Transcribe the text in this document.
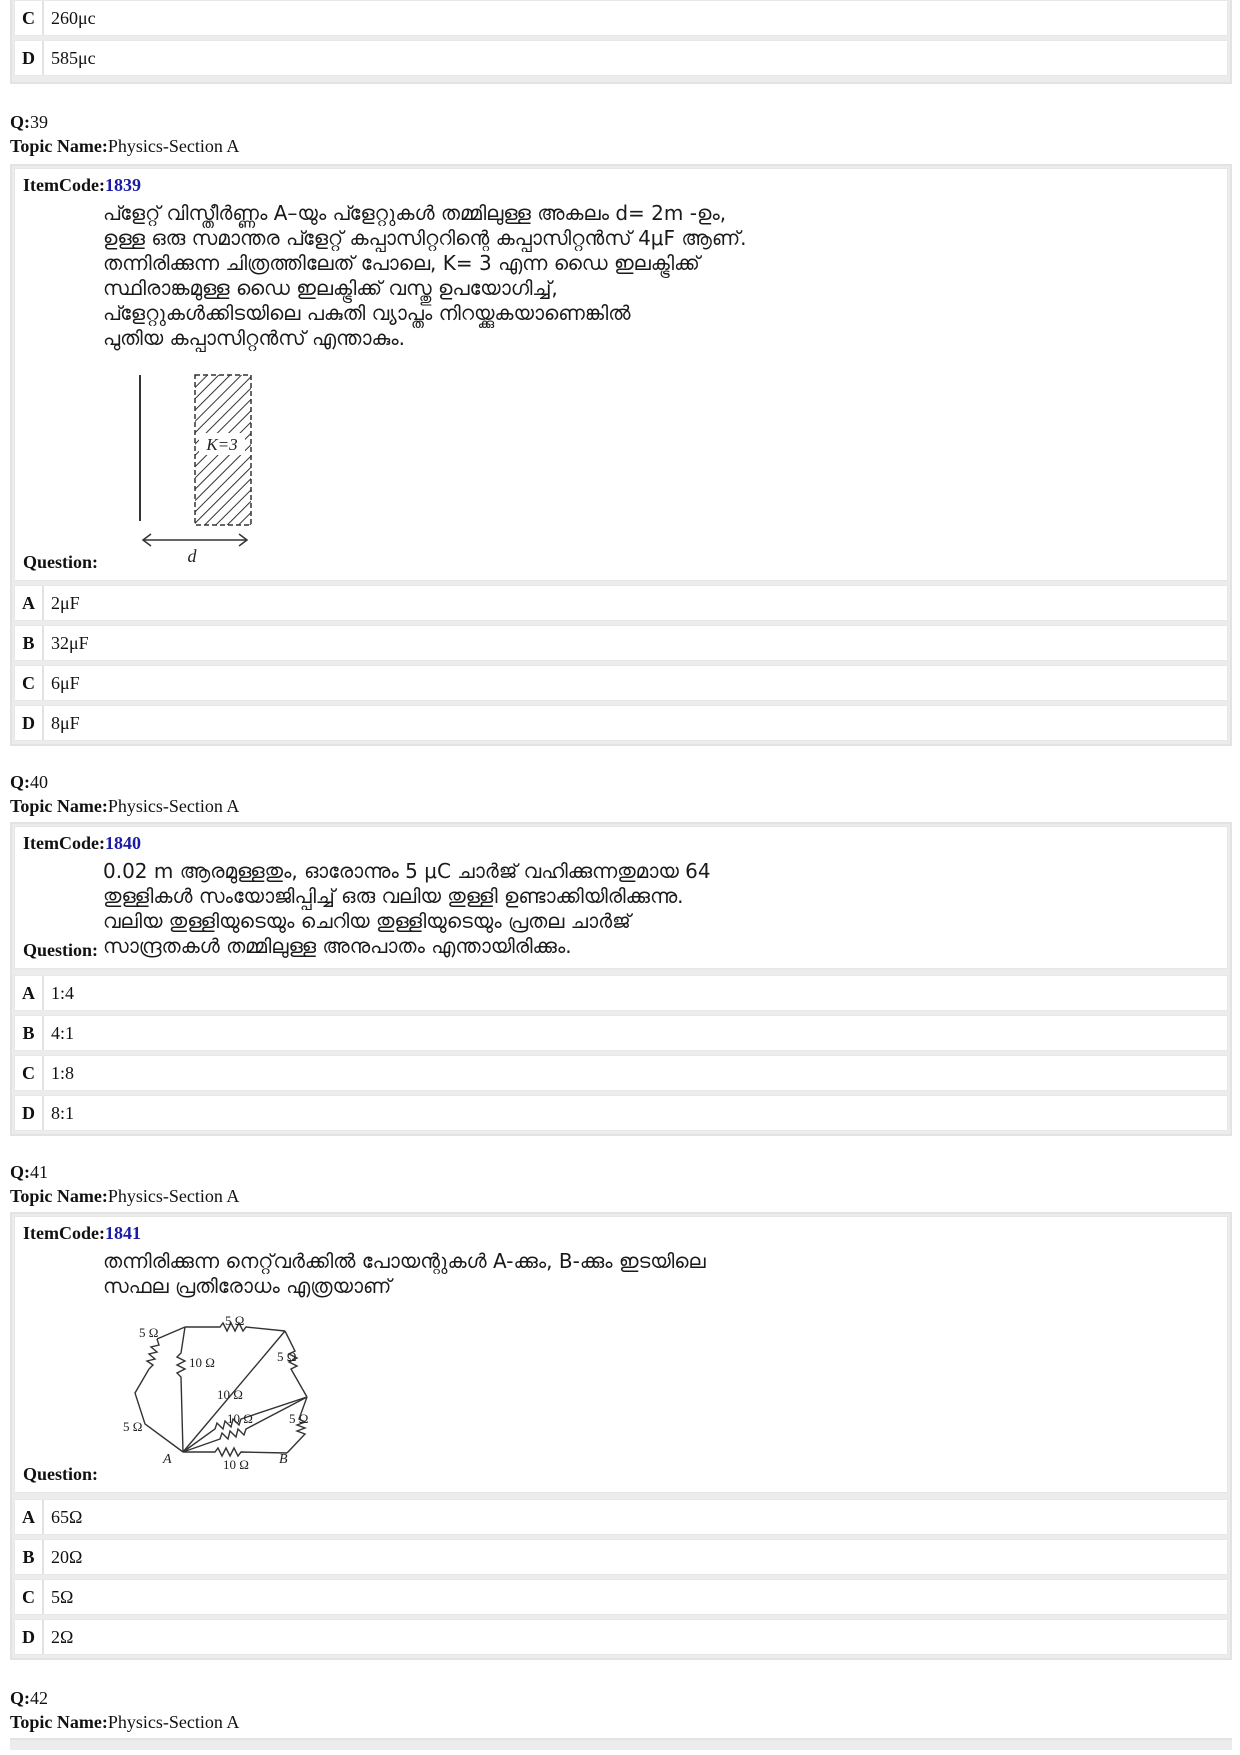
C 260μc
D 585μc
Q:39
Topic Name:Physics-Section A
ItemCode:1839
പ്ളേറ്റ് വിസ്തീർണ്ണം A–യും പ്ളേറ്റുകൾ തമ്മിലുള്ള അകലം d= 2m -ഉം,
ഉള്ള ഒരു സമാന്തര പ്ളേറ്റ് കപ്പാസിറ്ററിന്റെ കപ്പാസിറ്റൻസ് 4μF ആണ്.
തന്നിരിക്കുന്ന ചിത്രത്തിലേത് പോലെ, K= 3 എന്ന ഡൈ ഇലക്ട്രിക്ക്
സ്ഥിരാങ്കമുള്ള ഡൈ ഇലക്ട്രിക്ക് വസ്തു ഉപയോഗിച്ച്,
പ്ളേറ്റുകൾക്കിടയിലെ പകുതി വ്യാപ്തം നിറയ്ക്കുകയാണെങ്കിൽ
പുതിയ കപ്പാസിറ്റൻസ് എന്താകും.
K=3
d
Question:
A 2μF
B 32μF
C 6μF
D 8μF
Q:40
Topic Name:Physics-Section A
ItemCode:1840
0.02 m ആരമുള്ളതും, ഓരോന്നും 5 μC ചാർജ് വഹിക്കുന്നതുമായ 64
തുള്ളികൾ സംയോജിപ്പിച്ച് ഒരു വലിയ തുള്ളി ഉണ്ടാക്കിയിരിക്കുന്നു.
വലിയ തുള്ളിയുടെയും ചെറിയ തുള്ളിയുടെയും പ്രതല ചാർജ്
സാന്ദ്രതകൾ തമ്മിലുള്ള അനുപാതം എന്തായിരിക്കും.
Question:
A 1:4
B 4:1
C 1:8
D 8:1
Q:41
Topic Name:Physics-Section A
ItemCode:1841
തന്നിരിക്കുന്ന നെറ്റ്‌വർക്കിൽ പോയന്റുകൾ A-ക്കും, B-ക്കും ഇടയിലെ
സഫല പ്രതിരോധം എത്രയാണ്
5 Ω
5 Ω
10 Ω	5 Ω
10 Ω
10 Ω	5 Ω
5 Ω
10 Ω
A	B
Question:
A 65Ω
B 20Ω
C 5Ω
D 2Ω
Q:42
Topic Name:Physics-Section A
